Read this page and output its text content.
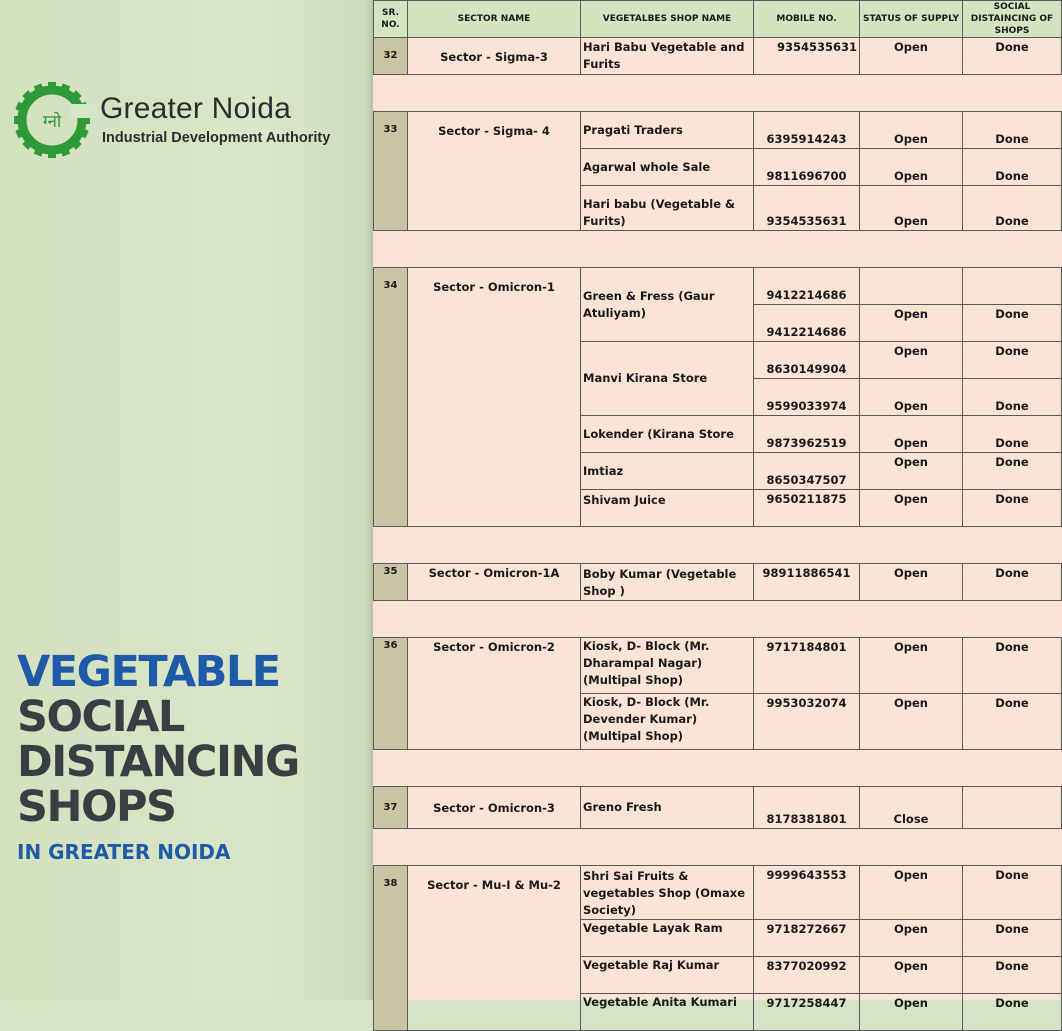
ग्नो Greater Noida
Industrial Development Authority
VEGETABLE
SOCIAL
DISTANCING
SHOPS
IN GREATER NOIDA
SR. NO.	SECTOR NAME	VEGETALBES SHOP NAME	MOBILE NO.	STATUS OF SUPPLY	SOCIAL DISTAINCING OF SHOPS
32	Sector - Sigma-3	Hari Babu Vegetable and Furits	9354535631	Open	Done

33	Sector - Sigma- 4	Pragati Traders	6395914243	Open	Done
		Agarwal whole Sale	9811696700	Open	Done
		Hari babu (Vegetable & Furits)	9354535631	Open	Done

34	Sector - Omicron-1	Green & Fress (Gaur Atuliyam)	9412214686		
			9412214686	Open	Done
		Manvi Kirana Store	8630149904	Open	Done
			9599033974	Open	Done
		Lokender (Kirana Store	9873962519	Open	Done
		Imtiaz	8650347507	Open	Done
		Shivam Juice	9650211875	Open	Done

35	Sector - Omicron-1A	Boby Kumar (Vegetable Shop )	98911886541	Open	Done

36	Sector - Omicron-2	Kiosk, D- Block (Mr. Dharampal Nagar) (Multipal Shop)	9717184801	Open	Done
		Kiosk, D- Block (Mr. Devender Kumar) (Multipal Shop)	9953032074	Open	Done

37	Sector - Omicron-3	Greno Fresh	8178381801	Close	

38	Sector - Mu-I & Mu-2	Shri Sai Fruits & vegetables Shop (Omaxe Society)	9999643553	Open	Done
		Vegetable Layak Ram	9718272667	Open	Done
		Vegetable Raj Kumar	8377020992	Open	Done
		Vegetable Anita Kumari	9717258447	Open	Done
